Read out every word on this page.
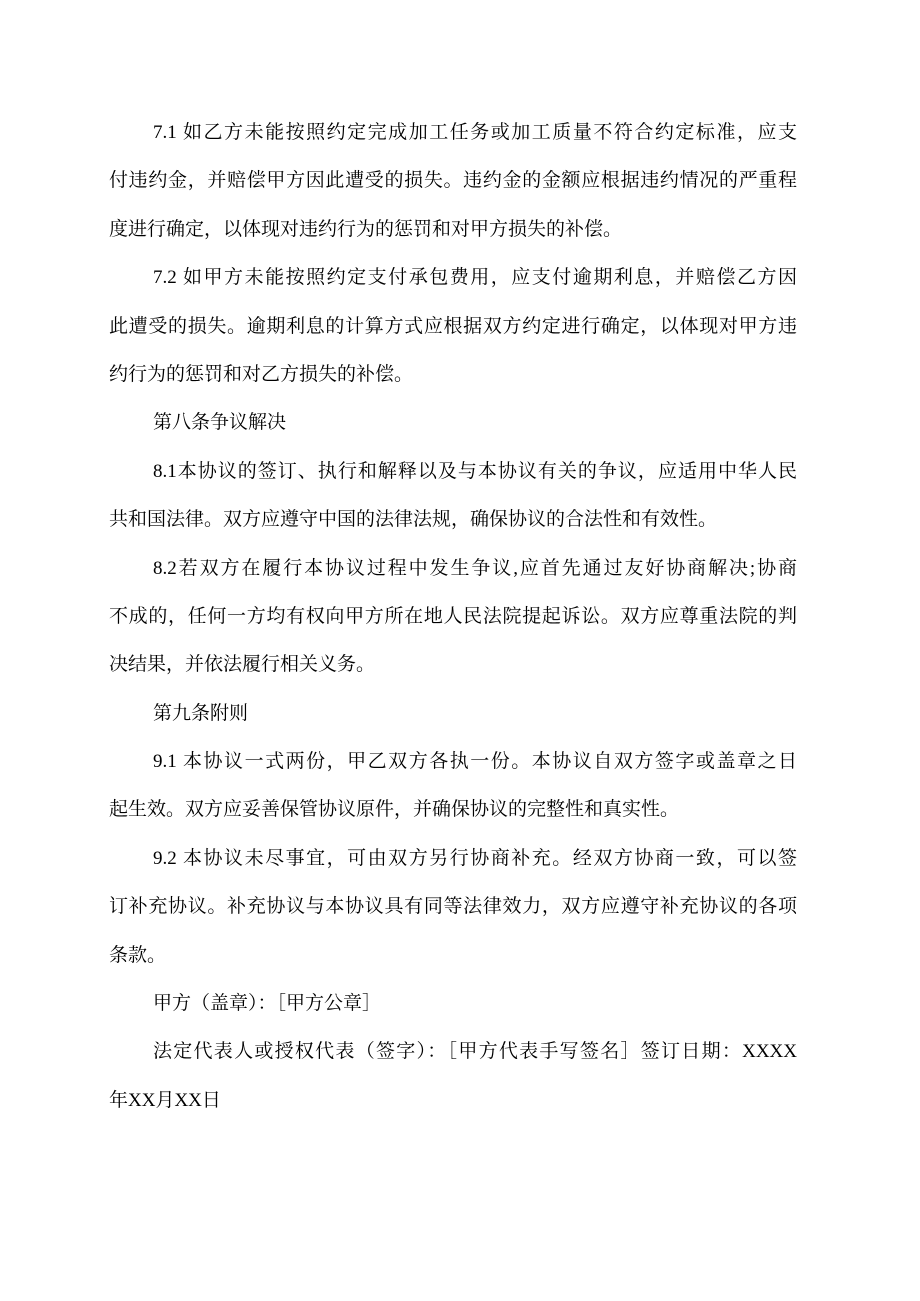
7.1 如乙方未能按照约定完成加工任务或加工质量不符合约定标准，应支
付违约金，并赔偿甲方因此遭受的损失。违约金的金额应根据违约情况的严重程
度进行确定，以体现对违约行为的惩罚和对甲方损失的补偿。
7.2 如甲方未能按照约定支付承包费用，应支付逾期利息，并赔偿乙方因
此遭受的损失。逾期利息的计算方式应根据双方约定进行确定，以体现对甲方违
约行为的惩罚和对乙方损失的补偿。
第八条争议解决
8.1本协议的签订、执行和解释以及与本协议有关的争议，应适用中华人民
共和国法律。双方应遵守中国的法律法规，确保协议的合法性和有效性。
8.2若双方在履行本协议过程中发生争议,应首先通过友好协商解决;协商
不成的，任何一方均有权向甲方所在地人民法院提起诉讼。双方应尊重法院的判
决结果，并依法履行相关义务。
第九条附则
9.1 本协议一式两份，甲乙双方各执一份。本协议自双方签字或盖章之日
起生效。双方应妥善保管协议原件，并确保协议的完整性和真实性。
9.2 本协议未尽事宜，可由双方另行协商补充。经双方协商一致，可以签
订补充协议。补充协议与本协议具有同等法律效力，双方应遵守补充协议的各项
条款。
甲方（盖章）：［甲方公章］
法定代表人或授权代表（签字）：［甲方代表手写签名］签订日期：XXXX
年XX月XX日
